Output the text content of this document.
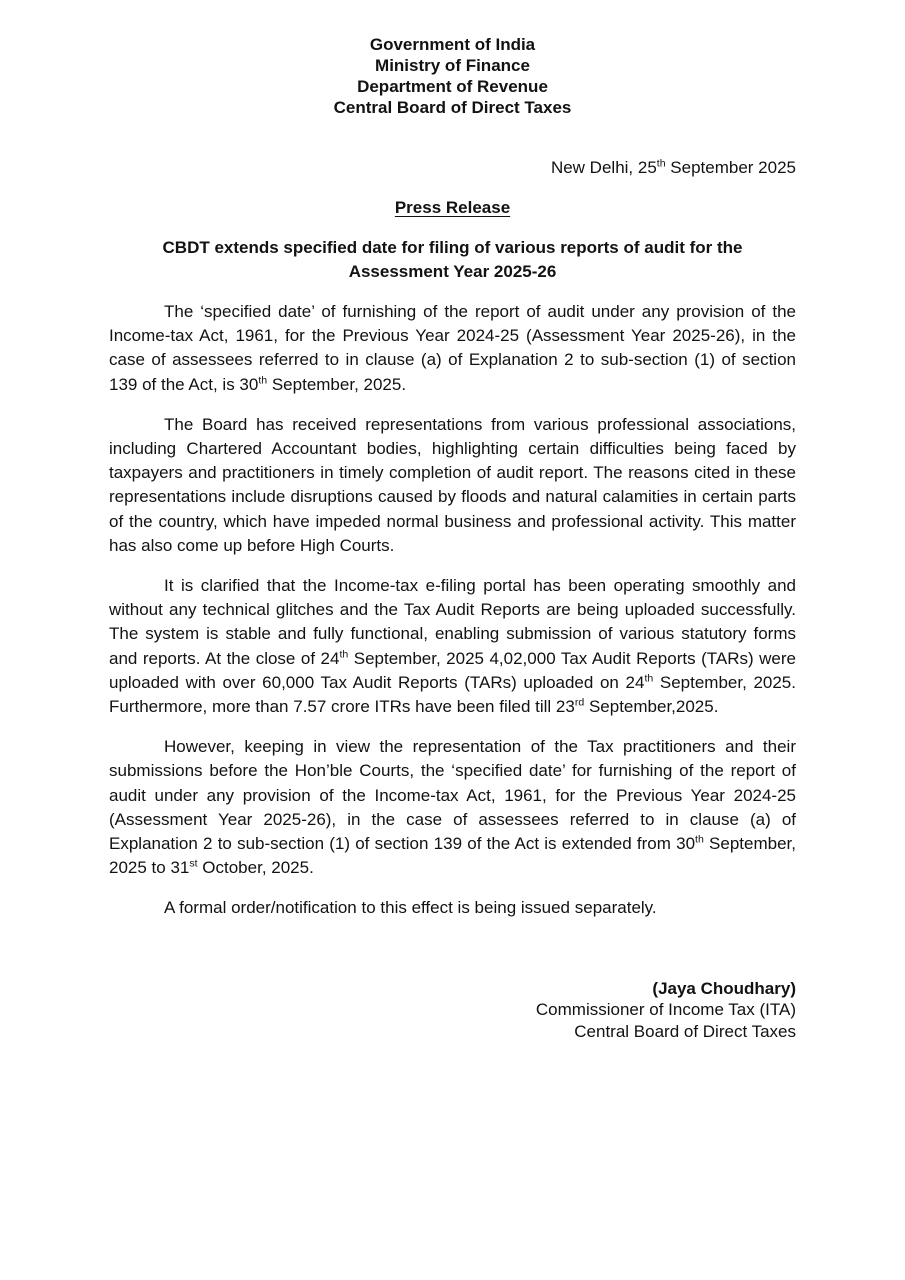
Government of India
Ministry of Finance
Department of Revenue
Central Board of Direct Taxes
New Delhi, 25th September 2025
Press Release
CBDT extends specified date for filing of various reports of audit for the
Assessment Year 2025-26

The ‘specified date’ of furnishing of the report of audit under any provision of the Income-tax Act, 1961, for the Previous Year 2024-25 (Assessment Year 2025-26), in the case of assessees referred to in clause (a) of Explanation 2 to sub-section (1) of section 139 of the Act, is 30th September, 2025.

The Board has received representations from various professional associations, including Chartered Accountant bodies, highlighting certain difficulties being faced by taxpayers and practitioners in timely completion of audit report. The reasons cited in these representations include disruptions caused by floods and natural calamities in certain parts of the country, which have impeded normal business and professional activity. This matter has also come up before High Courts.

It is clarified that the Income-tax e-filing portal has been operating smoothly and without any technical glitches and the Tax Audit Reports are being uploaded successfully. The system is stable and fully functional, enabling submission of various statutory forms and reports. At the close of 24th September, 2025 4,02,000 Tax Audit Reports (TARs) were uploaded with over 60,000 Tax Audit Reports (TARs) uploaded on 24th September, 2025. Furthermore, more than 7.57 crore ITRs have been filed till 23rd September,2025.

However, keeping in view the representation of the Tax practitioners and their submissions before the Hon’ble Courts, the ‘specified date’ for furnishing of the report of audit under any provision of the Income-tax Act, 1961, for the Previous Year 2024-25 (Assessment Year 2025-26), in the case of assessees referred to in clause (a) of Explanation 2 to sub-section (1) of section 139 of the Act is extended from 30th September, 2025 to 31st October, 2025.

A formal order/notification to this effect is being issued separately.

(Jaya Choudhary)
Commissioner of Income Tax (ITA)
Central Board of Direct Taxes
